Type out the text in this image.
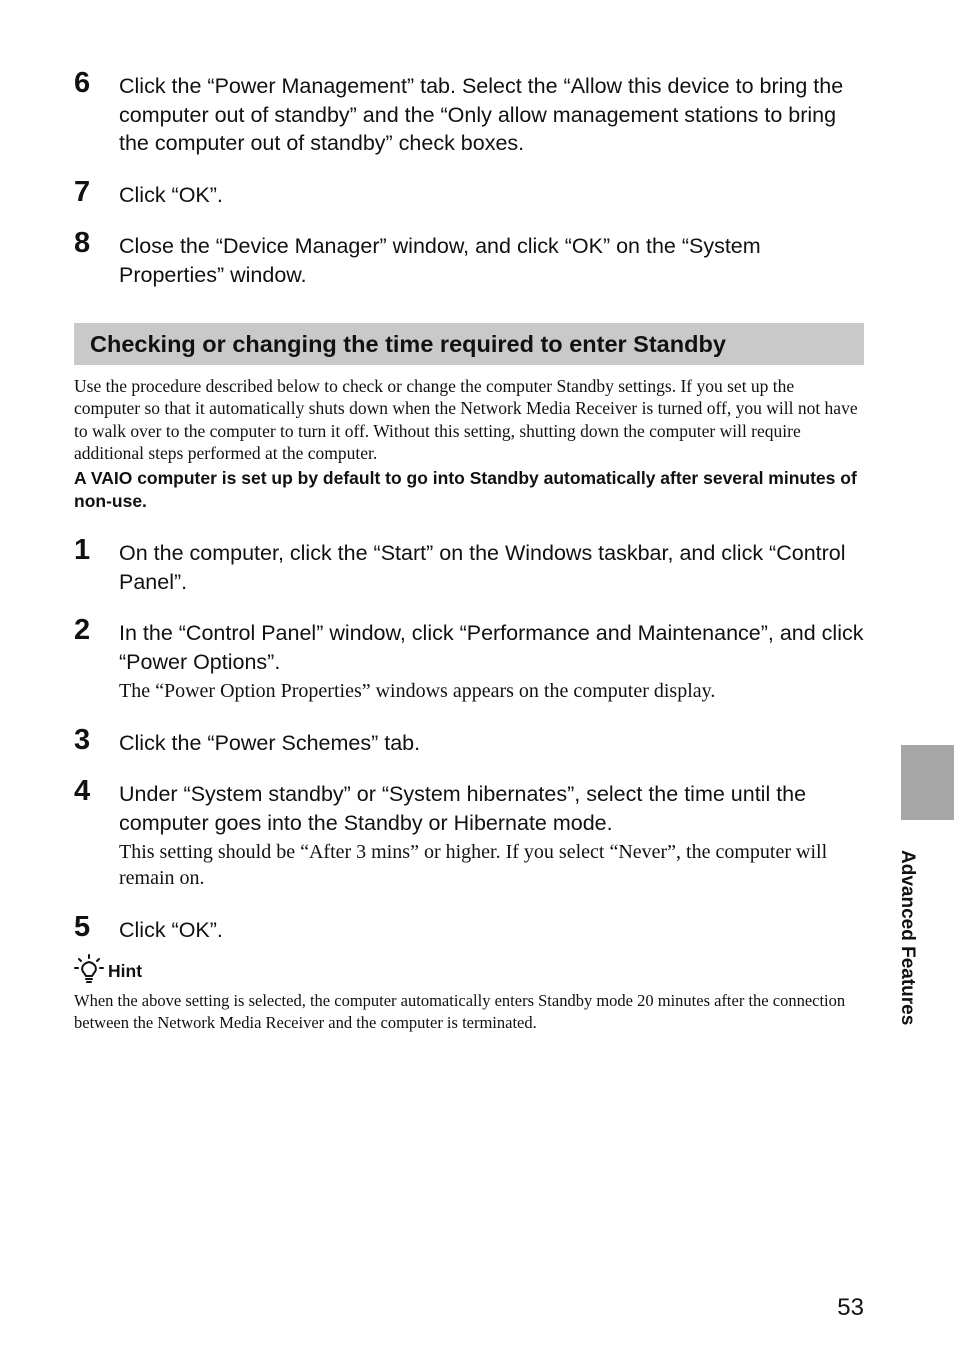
6 Click the “Power Management” tab. Select the “Allow this device to bring the computer out of standby” and the “Only allow management stations to bring the computer out of standby” check boxes.
7 Click “OK”.
8 Close the “Device Manager” window, and click “OK” on the “System Properties” window.
Checking or changing the time required to enter Standby
Use the procedure described below to check or change the computer Standby settings. If you set up the computer so that it automatically shuts down when the Network Media Receiver is turned off, you will not have to walk over to the computer to turn it off. Without this setting, shutting down the computer will require additional steps performed at the computer.
A VAIO computer is set up by default to go into Standby automatically after several minutes of non-use.
1 On the computer, click the “Start” on the Windows taskbar, and click “Control Panel”.
2 In the “Control Panel” window, click “Performance and Maintenance”, and click “Power Options”.
The “Power Option Properties” windows appears on the computer display.
3 Click the “Power Schemes” tab.
4 Under “System standby” or “System hibernates”, select the time until the computer goes into the Standby or Hibernate mode.
This setting should be “After 3 mins” or higher. If you select “Never”, the computer will remain on.
5 Click “OK”.
Hint
When the above setting is selected, the computer automatically enters Standby mode 20 minutes after the connection between the Network Media Receiver and the computer is terminated.	Advanced Features
53
